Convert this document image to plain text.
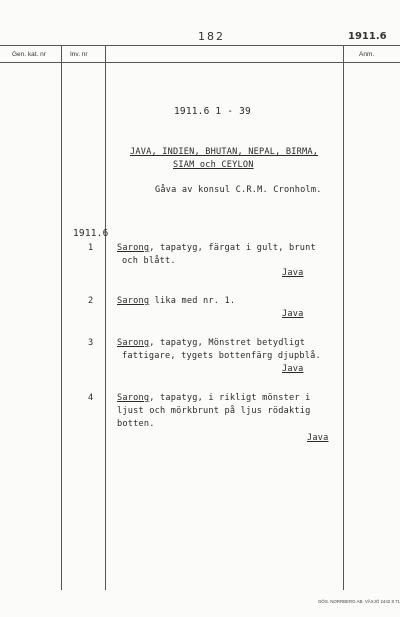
182	1911.6
Gen. kat. nr	Inv. nr	Anm.
1911.6 1 - 39
JAVA, INDIEN, BHUTAN, NEPAL, BIRMA,
SIAM och CEYLON
Gåva av konsul C.R.M. Cronholm.
1911.6
1	Sarong, tapatyg, färgat i gult, brunt
och blått.
Java
2	Sarong lika med nr. 1.
Java
3	Sarong, tapatyg, Mönstret betydligt
fattigare, tygets bottenfärg djupblå.
Java
4	Sarong, tapatyg, i rikligt mönster i
ljust och mörkbrunt på ljus rödaktig
botten.
Java
GÖS. NORRBERG AB. VÄXJÖ 2442 8 71
